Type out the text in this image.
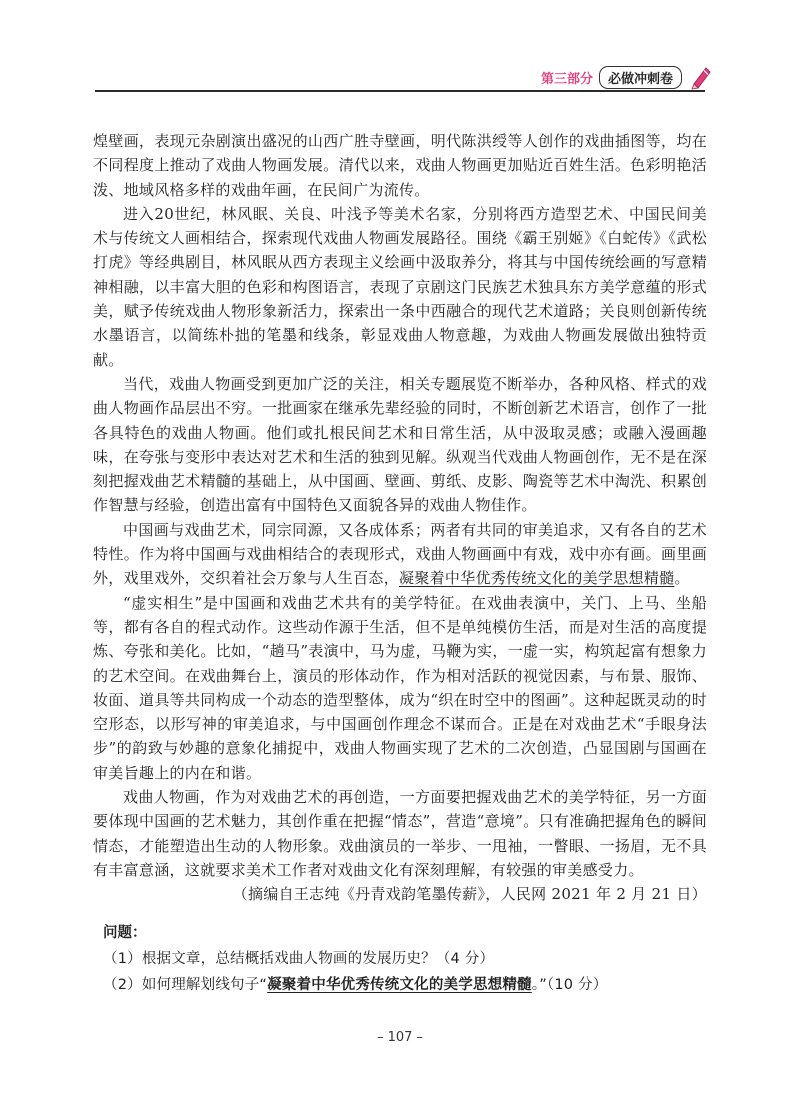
第三部分	必做冲刺卷

煌壁画，表现元杂剧演出盛况的山西广胜寺壁画，明代陈洪绶等人创作的戏曲插图等，均在不同程度上推动了戏曲人物画发展。清代以来，戏曲人物画更加贴近百姓生活。色彩明艳活泼、地域风格多样的戏曲年画，在民间广为流传。

进入20世纪，林风眠、关良、叶浅予等美术名家，分别将西方造型艺术、中国民间美术与传统文人画相结合，探索现代戏曲人物画发展路径。围绕《霸王别姬》《白蛇传》《武松打虎》等经典剧目，林风眠从西方表现主义绘画中汲取养分，将其与中国传统绘画的写意精神相融，以丰富大胆的色彩和构图语言，表现了京剧这门民族艺术独具东方美学意蕴的形式美，赋予传统戏曲人物形象新活力，探索出一条中西融合的现代艺术道路；关良则创新传统水墨语言，以简练朴拙的笔墨和线条，彰显戏曲人物意趣，为戏曲人物画发展做出独特贡献。

当代，戏曲人物画受到更加广泛的关注，相关专题展览不断举办，各种风格、样式的戏曲人物画作品层出不穷。一批画家在继承先辈经验的同时，不断创新艺术语言，创作了一批各具特色的戏曲人物画。他们或扎根民间艺术和日常生活，从中汲取灵感；或融入漫画趣味，在夸张与变形中表达对艺术和生活的独到见解。纵观当代戏曲人物画创作，无不是在深刻把握戏曲艺术精髓的基础上，从中国画、壁画、剪纸、皮影、陶瓷等艺术中淘洗、积累创作智慧与经验，创造出富有中国特色又面貌各异的戏曲人物佳作。

中国画与戏曲艺术，同宗同源，又各成体系；两者有共同的审美追求，又有各自的艺术特性。作为将中国画与戏曲相结合的表现形式，戏曲人物画画中有戏，戏中亦有画。画里画外，戏里戏外，交织着社会万象与人生百态，凝聚着中华优秀传统文化的美学思想精髓。

“虚实相生”是中国画和戏曲艺术共有的美学特征。在戏曲表演中，关门、上马、坐船等，都有各自的程式动作。这些动作源于生活，但不是单纯模仿生活，而是对生活的高度提炼、夸张和美化。比如，“趟马”表演中，马为虚，马鞭为实，一虚一实，构筑起富有想象力的艺术空间。在戏曲舞台上，演员的形体动作，作为相对活跃的视觉因素，与布景、服饰、妆面、道具等共同构成一个动态的造型整体，成为“织在时空中的图画”。这种起既灵动的时空形态，以形写神的审美追求，与中国画创作理念不谋而合。正是在对戏曲艺术“手眼身法步”的韵致与妙趣的意象化捕捉中，戏曲人物画实现了艺术的二次创造，凸显国剧与国画在审美旨趣上的内在和谐。

戏曲人物画，作为对戏曲艺术的再创造，一方面要把握戏曲艺术的美学特征，另一方面要体现中国画的艺术魅力，其创作重在把握“情态”，营造“意境”。只有准确把握角色的瞬间情态，才能塑造出生动的人物形象。戏曲演员的一举步、一甩袖，一瞥眼、一扬眉，无不具有丰富意涵，这就要求美术工作者对戏曲文化有深刻理解，有较强的审美感受力。

（摘编自王志纯《丹青戏韵笔墨传薪》，人民网 2021 年 2 月 21 日）

问题：
（1）根据文章，总结概括戏曲人物画的发展历史？（4 分）
（2）如何理解划线句子“凝聚着中华优秀传统文化的美学思想精髓。”（10 分）
– 107 –
